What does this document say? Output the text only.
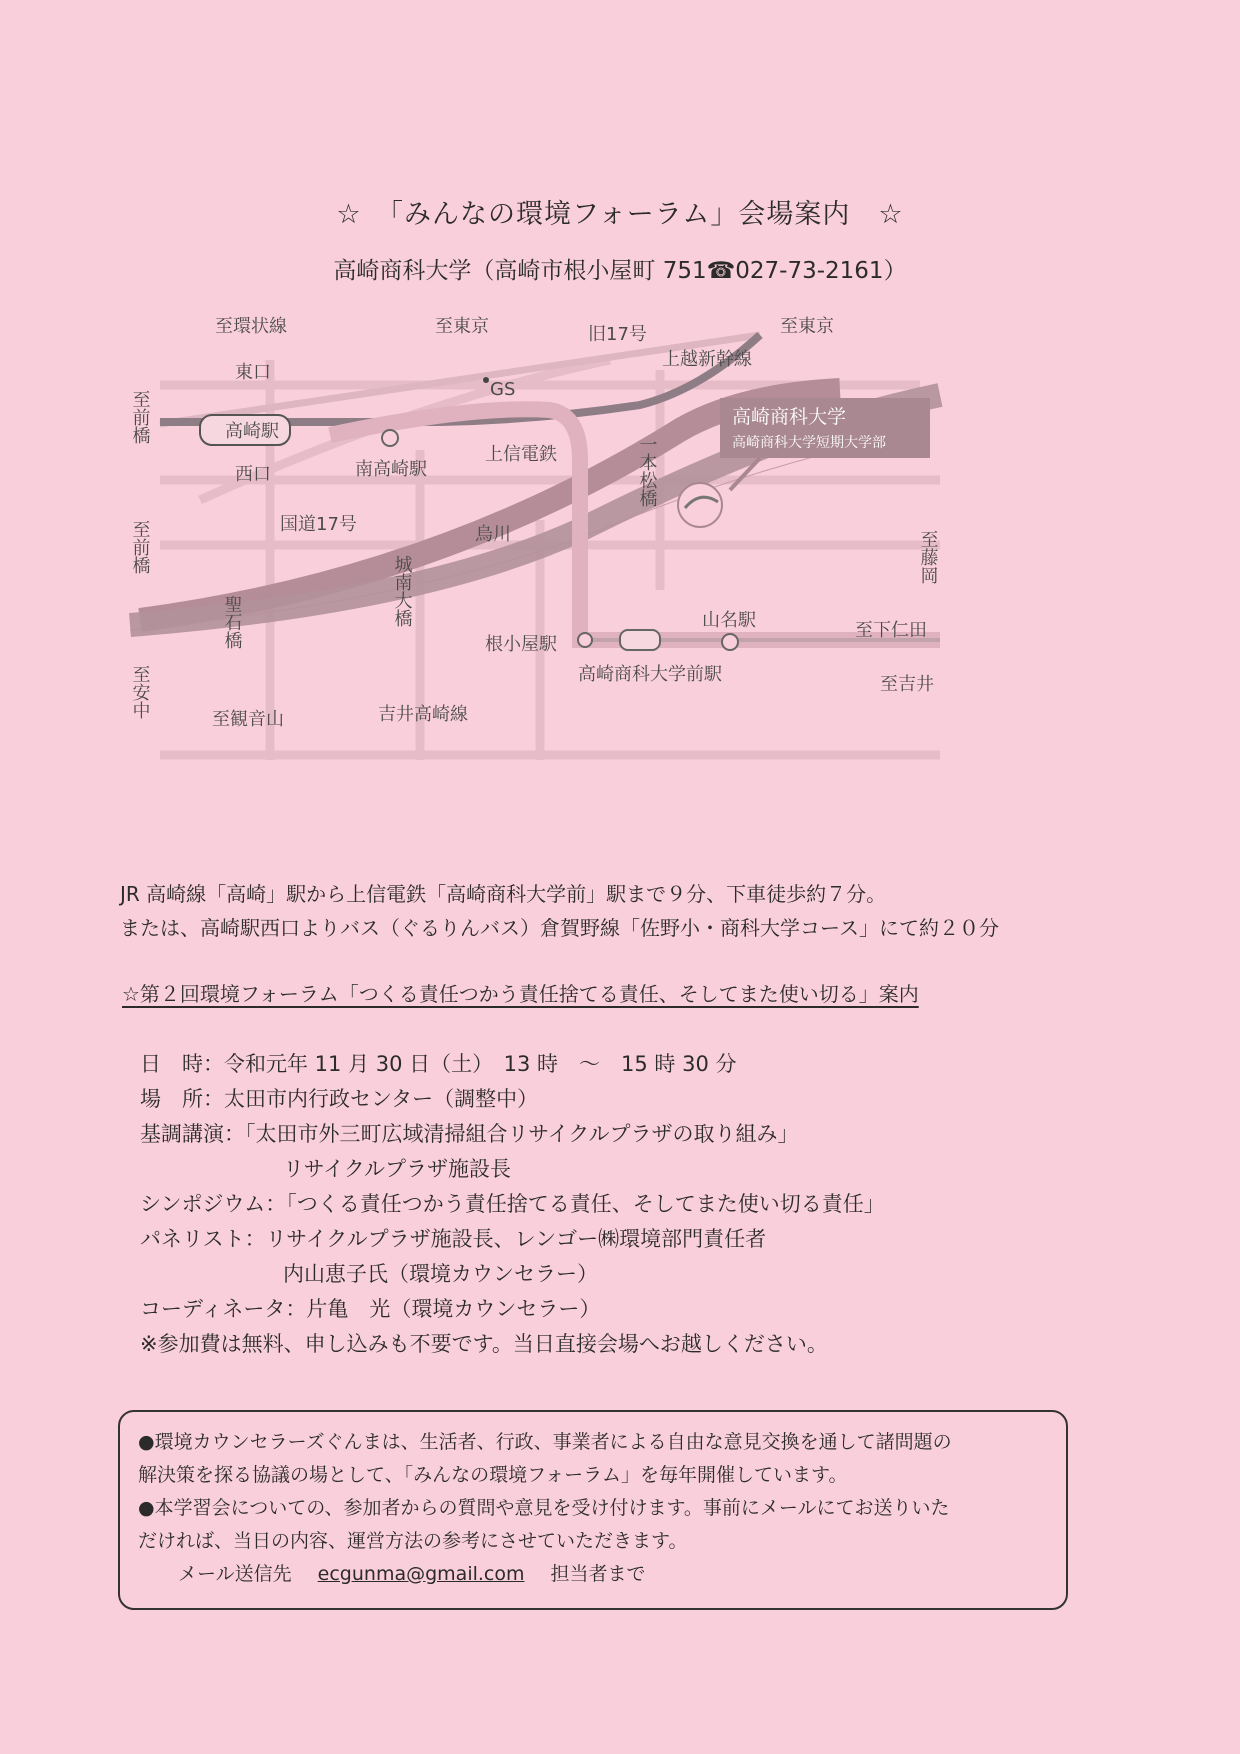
☆　「みんなの環境フォーラム」会場案内　☆
高崎商科大学（高崎市根小屋町 751☎027-73-2161）
至環状線	至東京	旧17号	至東京
上越新幹線
至前橋
東口
GS
高崎駅
西口	南高崎駅
上信電鉄	一本松橋
高崎商科大学
高崎商科大学短期大学部
国道17号
至前橋	烏川
城南大橋	至藤岡
聖石橋	山名駅	至下仁田
根小屋駅
高崎商科大学前駅
至安中	至吉井
至観音山	吉井高崎線
JR 高崎線「高崎」駅から上信電鉄「高崎商科大学前」駅まで９分、下車徒歩約７分。
または、高崎駅西口よりバス（ぐるりんバス）倉賀野線「佐野小・商科大学コース」にて約２０分
☆第２回環境フォーラム「つくる責任つかう責任捨てる責任、そしてまた使い切る」案内
日　時：令和元年 11 月 30 日（土）　13 時　～　15 時 30 分
場　所：太田市内行政センター（調整中）
基調講演：「太田市外三町広域清掃組合リサイクルプラザの取り組み」
リサイクルプラザ施設長
シンポジウム：「つくる責任つかう責任捨てる責任、そしてまた使い切る責任」
パネリスト：リサイクルプラザ施設長、レンゴー㈱環境部門責任者
内山恵子氏（環境カウンセラー）
コーディネータ：片亀　光（環境カウンセラー）
※参加費は無料、申し込みも不要です。当日直接会場へお越しください。

●環境カウンセラーズぐんまは、生活者、行政、事業者による自由な意見交換を通して諸問題の

解決策を探る協議の場として、「みんなの環境フォーラム」を毎年開催しています。

●本学習会についての、参加者からの質問や意見を受け付けます。事前にメールにてお送りいた

だければ、当日の内容、運営方法の参考にさせていただきます。

メール送信先 ecgunma@gmail.com 担当者まで
